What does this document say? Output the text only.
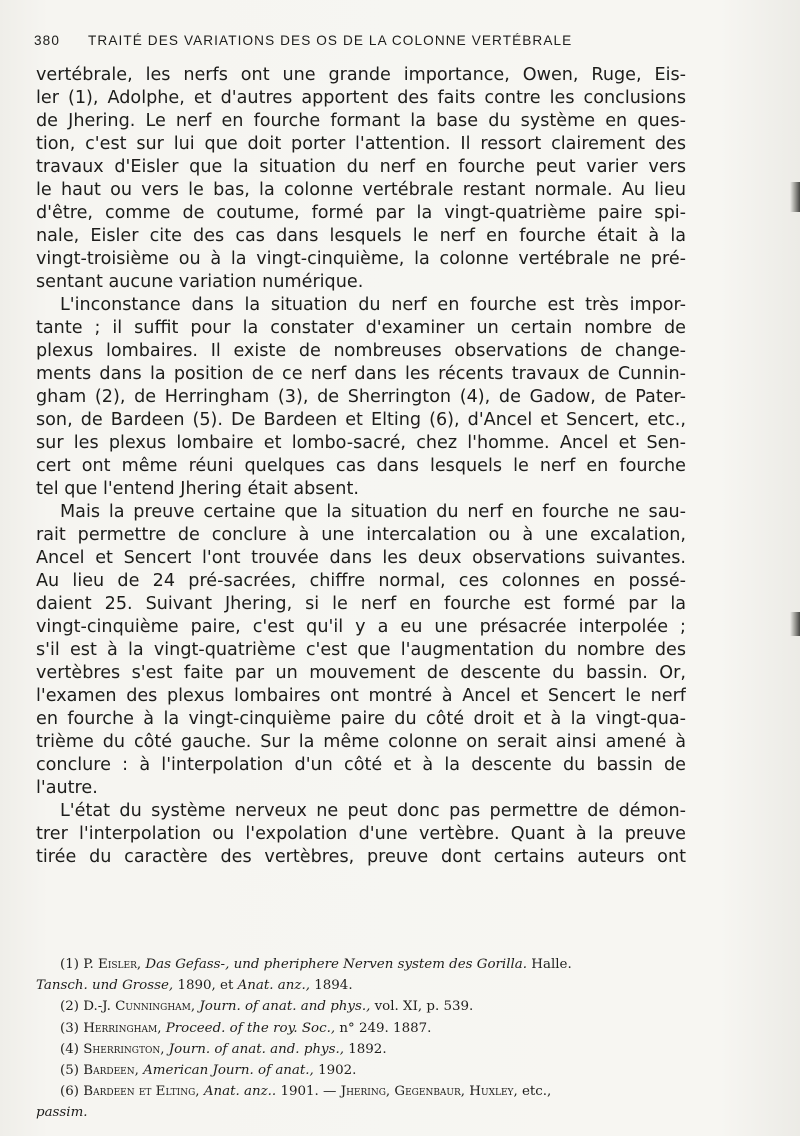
380 TRAITÉ DES VARIATIONS DES OS DE LA COLONNE VERTÉBRALE
vertébrale, les nerfs ont une grande importance, Owen, Ruge, Eis-
ler (1), Adolphe, et d'autres apportent des faits contre les conclusions
de Jhering. Le nerf en fourche formant la base du système en ques-
tion, c'est sur lui que doit porter l'attention. Il ressort clairement des
travaux d'Eisler que la situation du nerf en fourche peut varier vers
le haut ou vers le bas, la colonne vertébrale restant normale. Au lieu
d'être, comme de coutume, formé par la vingt-quatrième paire spi-
nale, Eisler cite des cas dans lesquels le nerf en fourche était à la
vingt-troisième ou à la vingt-cinquième, la colonne vertébrale ne pré-
sentant aucune variation numérique.
L'inconstance dans la situation du nerf en fourche est très impor-
tante ; il suffit pour la constater d'examiner un certain nombre de
plexus lombaires. Il existe de nombreuses observations de change-
ments dans la position de ce nerf dans les récents travaux de Cunnin-
gham (2), de Herringham (3), de Sherrington (4), de Gadow, de Pater-
son, de Bardeen (5). De Bardeen et Elting (6), d'Ancel et Sencert, etc.,
sur les plexus lombaire et lombo-sacré, chez l'homme. Ancel et Sen-
cert ont même réuni quelques cas dans lesquels le nerf en fourche
tel que l'entend Jhering était absent.
Mais la preuve certaine que la situation du nerf en fourche ne sau-
rait permettre de conclure à une intercalation ou à une excalation,
Ancel et Sencert l'ont trouvée dans les deux observations suivantes.
Au lieu de 24 pré-sacrées, chiffre normal, ces colonnes en possé-
daient 25. Suivant Jhering, si le nerf en fourche est formé par la
vingt-cinquième paire, c'est qu'il y a eu une présacrée interpolée ;
s'il est à la vingt-quatrième c'est que l'augmentation du nombre des
vertèbres s'est faite par un mouvement de descente du bassin. Or,
l'examen des plexus lombaires ont montré à Ancel et Sencert le nerf
en fourche à la vingt-cinquième paire du côté droit et à la vingt-qua-
trième du côté gauche. Sur la même colonne on serait ainsi amené à
conclure : à l'interpolation d'un côté et à la descente du bassin de
l'autre.
L'état du système nerveux ne peut donc pas permettre de démon-
trer l'interpolation ou l'expolation d'une vertèbre. Quant à la preuve
tirée du caractère des vertèbres, preuve dont certains auteurs ont
(1) P. Eisler, Das Gefass-, und pheriphere Nerven system des Gorilla. Halle.
Tansch. und Grosse, 1890, et Anat. anz., 1894.
(2) D.-J. Cunningham, Journ. of anat. and phys., vol. XI, p. 539.
(3) Herringham, Proceed. of the roy. Soc., n° 249. 1887.
(4) Sherrington, Journ. of anat. and. phys., 1892.
(5) Bardeen, American Journ. of anat., 1902.
(6) Bardeen et Elting, Anat. anz.. 1901. — Jhering, Gegenbaur, Huxley, etc.,
passim.
